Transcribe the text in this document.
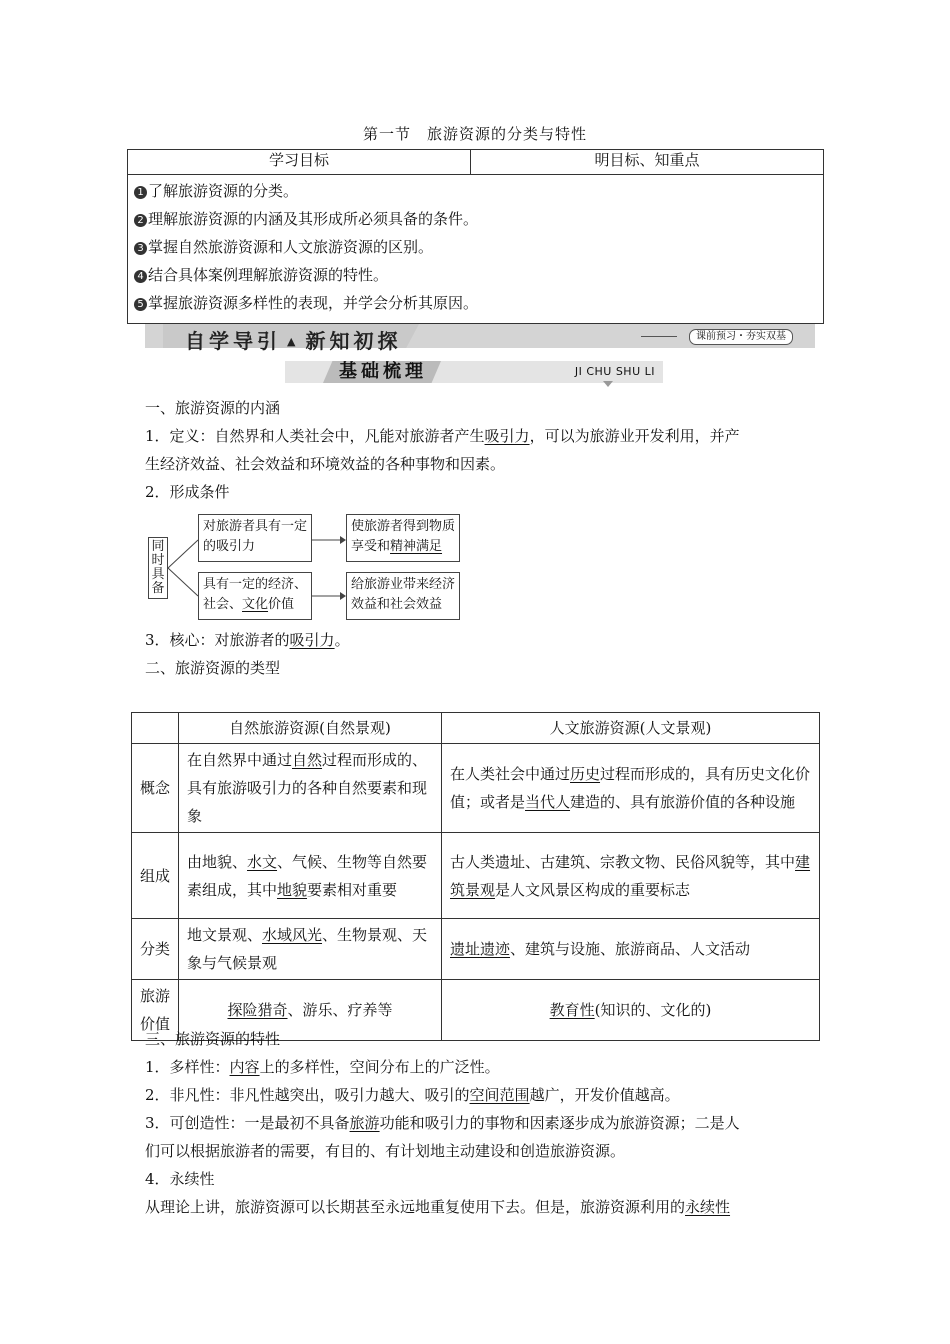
第一节　旅游资源的分类与特性
学习目标	明目标、知重点

1 了解旅游资源的分类。
2 理解旅游资源的内涵及其形成所必须具备的条件。
3 掌握自然旅游资源和人文旅游资源的区别。
4 结合具体案例理解旅游资源的特性。
5 掌握旅游资源多样性的表现，并学会分析其原因。
自学导引 ▲ 新知初探	课前预习・夯实双基
基础梳理	JI CHU SHU LI
一、旅游资源的内涵
1．定义：自然界和人类社会中，凡能对旅游者产生吸引力，可以为旅游业开发利用，并产
生经济效益、社会效益和环境效益的各种事物和因素。
2．形成条件
同时具备
对旅游者具有一定的吸引力
使旅游者得到物质享受和精神满足
具有一定的经济、社会、文化价值
给旅游业带来经济效益和社会效益
3．核心：对旅游者的吸引力。
二、旅游资源的类型
	自然旅游资源(自然景观)	人文旅游资源(人文景观)
概念	在自然界中通过自然过程而形成的、具有旅游吸引力的各种自然要素和现象	在人类社会中通过历史过程而形成的，具有历史文化价值；或者是当代人建造的、具有旅游价值的各种设施
组成	由地貌、水文、气候、生物等自然要素组成，其中地貌要素相对重要	古人类遗址、古建筑、宗教文物、民俗风貌等，其中建筑景观是人文风景区构成的重要标志
分类	地文景观、水域风光、生物景观、天象与气候景观	遗址遗迹、建筑与设施、旅游商品、人文活动
旅游价值	探险猎奇、游乐、疗养等	教育性(知识的、文化的)
三、旅游资源的特性
1．多样性：内容上的多样性，空间分布上的广泛性。
2．非凡性：非凡性越突出，吸引力越大、吸引的空间范围越广，开发价值越高。
3．可创造性：一是最初不具备旅游功能和吸引力的事物和因素逐步成为旅游资源；二是人
们可以根据旅游者的需要，有目的、有计划地主动建设和创造旅游资源。
4．永续性
从理论上讲，旅游资源可以长期甚至永远地重复使用下去。但是，旅游资源利用的永续性
